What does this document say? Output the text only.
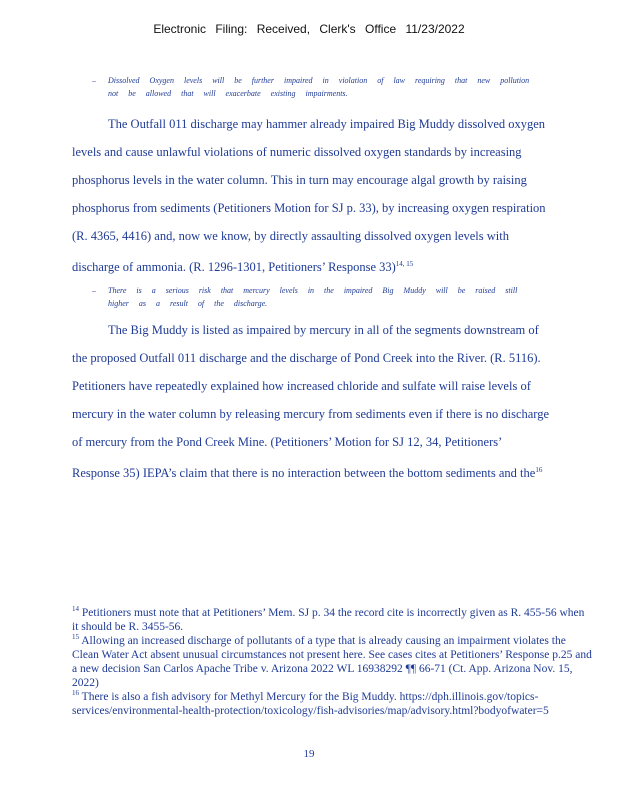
Electronic Filing: Received, Clerk's Office 11/23/2022
– Dissolved Oxygen levels will be further impaired in violation of law requiring that new pollution not be allowed that will exacerbate existing impairments.
The Outfall 011 discharge may hammer already impaired Big Muddy dissolved oxygen levels and cause unlawful violations of numeric dissolved oxygen standards by increasing phosphorus levels in the water column. This in turn may encourage algal growth by raising phosphorus from sediments (Petitioners Motion for SJ p. 33), by increasing oxygen respiration (R. 4365, 4416) and, now we know, by directly assaulting dissolved oxygen levels with discharge of ammonia. (R. 1296-1301, Petitioners’ Response 33)$^{14, 15}$
– There is a serious risk that mercury levels in the impaired Big Muddy will be raised still higher as a result of the discharge.
The Big Muddy is listed as impaired by mercury in all of the segments downstream of the proposed Outfall 011 discharge and the discharge of Pond Creek into the River. (R. 5116). Petitioners have repeatedly explained how increased chloride and sulfate will raise levels of mercury in the water column by releasing mercury from sediments even if there is no discharge of mercury from the Pond Creek Mine. (Petitioners’ Motion for SJ 12, 34, Petitioners’ Response 35) IEPA’s claim that there is no interaction between the bottom sediments and the$^{16}$
$^{14}$ Petitioners must note that at Petitioners’ Mem. SJ p. 34 the record cite is incorrectly given as R. 455-56 when it should be R. 3455-56.
$^{15}$ Allowing an increased discharge of pollutants of a type that is already causing an impairment violates the Clean Water Act absent unusual circumstances not present here. See cases cites at Petitioners’ Response p.25 and a new decision San Carlos Apache Tribe v. Arizona 2022 WL 16938292 ¶¶ 66-71 (Ct. App. Arizona Nov. 15, 2022)
$^{16}$ There is also a fish advisory for Methyl Mercury for the Big Muddy. https://dph.illinois.gov/topics-services/environmental-health-protection/toxicology/fish-advisories/map/advisory.html?bodyofwater=5
19
